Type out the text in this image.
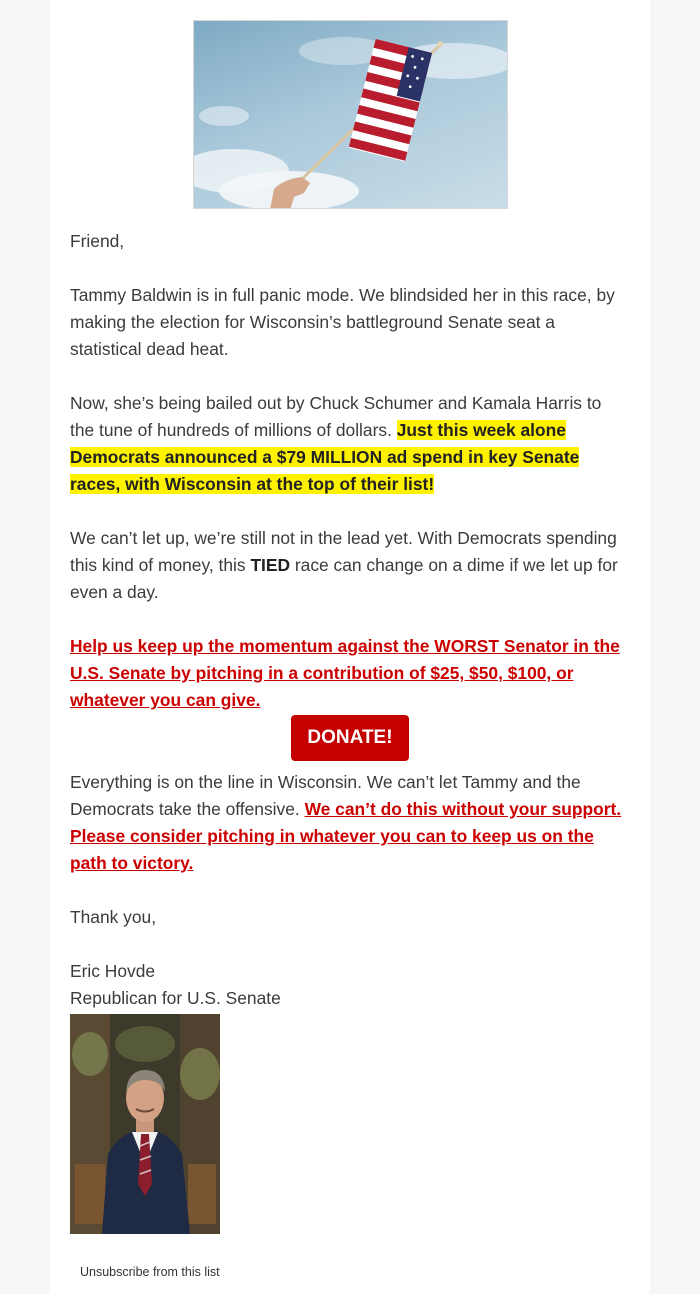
Friend,

Tammy Baldwin is in full panic mode. We blindsided her in this race, by making the election for Wisconsin’s battleground Senate seat a statistical dead heat.

Now, she’s being bailed out by Chuck Schumer and Kamala Harris to the tune of hundreds of millions of dollars. Just this week alone Democrats announced a $79 MILLION ad spend in key Senate races, with Wisconsin at the top of their list!

We can’t let up, we’re still not in the lead yet. With Democrats spending this kind of money, this TIED race can change on a dime if we let up for even a day.

Help us keep up the momentum against the WORST Senator in the U.S. Senate by pitching in a contribution of $25, $50, $100, or whatever you can give.

DONATE!

Everything is on the line in Wisconsin. We can’t let Tammy and the Democrats take the offensive. We can’t do this without your support. Please consider pitching in whatever you can to keep us on the path to victory.

Thank you,

Eric Hovde

Republican for U.S. Senate

Unsubscribe from this list
